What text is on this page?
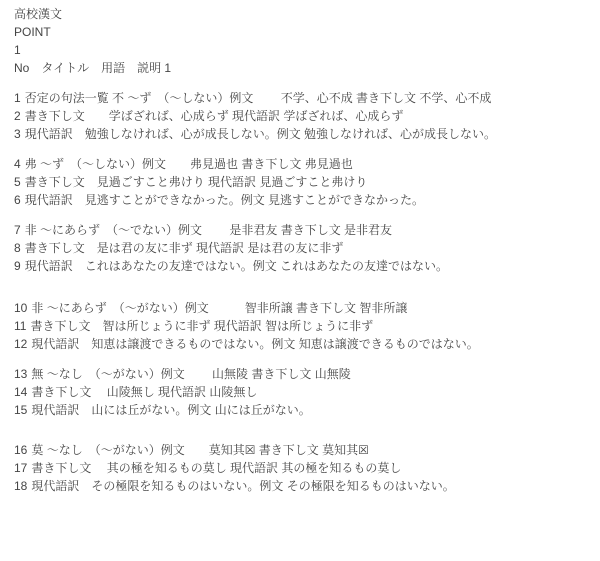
高校漢文
POINT
1
No　タイトル　用語　説明 1
1 否定の句法一覧 不 〜ず　（〜しない）例文　　 不学、心不成 書き下し文 不学、心不成
2 書き下し文　　学ばざれば、心成らず 現代語訳 学ばざれば、心成らず
3 現代語訳　勉強しなければ、心が成長しない。例文 勉強しなければ、心が成長しない。
4 弗 〜ず　（〜しない）例文　　弗見過也 書き下し文 弗見過也
5 書き下し文　見過ごすこと弗けり 現代語訳 見過ごすこと弗けり
6 現代語訳　見逃すことができなかった。例文 見逃すことができなかった。
7 非 〜にあらず　（〜でない）例文　　 是非君友 書き下し文 是非君友
8 書き下し文　是は君の友に非ず 現代語訳 是は君の友に非ず
9 現代語訳　これはあなたの友達ではない。例文 これはあなたの友達ではない。
10 非 〜にあらず　（〜がない）例文　　　智非所譲 書き下し文 智非所譲
11 書き下し文　智は所じょうに非ず 現代語訳 智は所じょうに非ず
12 現代語訳　知恵は譲渡できるものではない。例文 知恵は譲渡できるものではない。
13 無 〜なし　（〜がない）例文　　 山無陵 書き下し文 山無陵
14 書き下し文　 山陵無し 現代語訳 山陵無し
15 現代語訳　山には丘がない。例文 山には丘がない。
16 莫 〜なし　（〜がない）例文　　莫知其☒ 書き下し文 莫知其☒
17 書き下し文　 其の極を知るもの莫し 現代語訳 其の極を知るもの莫し
18 現代語訳　その極限を知るものはいない。例文 その極限を知るものはいない。
